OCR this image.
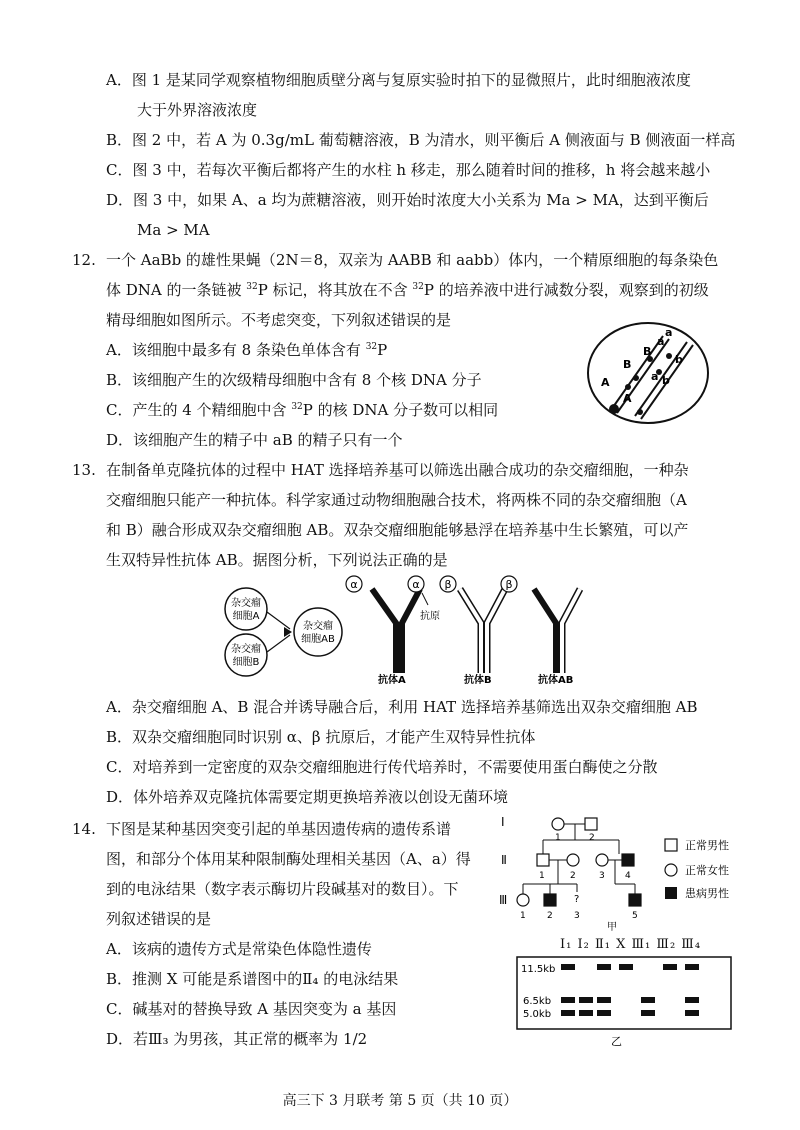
A．图 1 是某同学观察植物细胞质壁分离与复原实验时拍下的显微照片，此时细胞液浓度
大于外界溶液浓度
B．图 2 中，若 A 为 0.3g/mL 葡萄糖溶液，B 为清水，则平衡后 A 侧液面与 B 侧液面一样高
C．图 3 中，若每次平衡后都将产生的水柱 h 移走，那么随着时间的推移，h 将会越来越小
D．图 3 中，如果 A、a 均为蔗糖溶液，则开始时浓度大小关系为 Ma > MA，达到平衡后
Ma > MA
12. 一个 AaBb 的雄性果蝇（2N＝8，双亲为 AABB 和 aabb）体内，一个精原细胞的每条染色
体 DNA 的一条链被 $^{32}$P 标记，将其放在不含 $^{32}$P 的培养液中进行减数分裂，观察到的初级
精母细胞如图所示。不考虑突变，下列叙述错误的是
A．该细胞中最多有 8 条染色单体含有 $^{32}$P
B．该细胞产生的次级精母细胞中含有 8 个核 DNA 分子
C．产生的 4 个精细胞中含 $^{32}$P 的核 DNA 分子数可以相同
D．该细胞产生的精子中 aB 的精子只有一个
A
B
a
b
B
a
A
b
a
13. 在制备单克隆抗体的过程中 HAT 选择培养基可以筛选出融合成功的杂交瘤细胞，一种杂
交瘤细胞只能产一种抗体。科学家通过动物细胞融合技术，将两株不同的杂交瘤细胞（A
和 B）融合形成双杂交瘤细胞 AB。双杂交瘤细胞能够悬浮在培养基中生长繁殖，可以产
生双特异性抗体 AB。据图分析，下列说法正确的是
杂交瘤
细胞A
杂交瘤
细胞B
杂交瘤
细胞AB
α	α
抗原
β	β
抗体A	抗体B	抗体AB
A．杂交瘤细胞 A、B 混合并诱导融合后，利用 HAT 选择培养基筛选出双杂交瘤细胞 AB
B．双杂交瘤细胞同时识别 α、β 抗原后，才能产生双特异性抗体
C．对培养到一定密度的双杂交瘤细胞进行传代培养时，不需要使用蛋白酶使之分散
D．体外培养双克隆抗体需要定期更换培养液以创设无菌环境
14. 下图是某种基因突变引起的单基因遗传病的遗传系谱
图，和部分个体用某种限制酶处理相关基因（A、a）得
到的电泳结果（数字表示酶切片段碱基对的数目）。下
列叙述错误的是
A．该病的遗传方式是常染色体隐性遗传
B．推测 X 可能是系谱图中的Ⅱ₄ 的电泳结果
C．碱基对的替换导致 A 基因突变为 a 基因
D．若Ⅲ₃ 为男孩，其正常的概率为 1/2
Ⅰ
Ⅱ
Ⅲ
1	2
1	2	3 4
?
1 2 3	5
甲
正常男性
正常女性
患病男性
Ⅰ₁ Ⅰ₂ Ⅱ₁ X Ⅲ₁ Ⅲ₂ Ⅲ₄
11.5kb
6.5kb
5.0kb
乙
高三下 3 月联考 第 5 页（共 10 页）
